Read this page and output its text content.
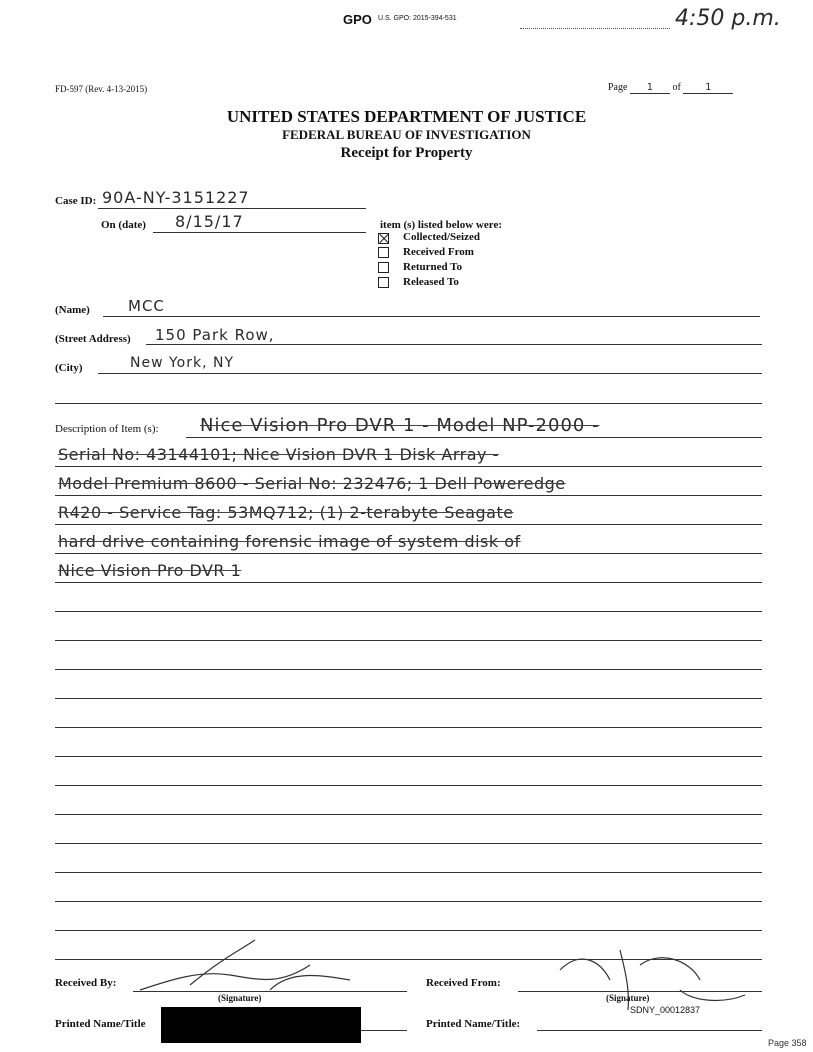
GPO U.S. GPO: 2015-394-531	4:50 p.m.
FD-597 (Rev. 4-13-2015)	Page 1 of 1
UNITED STATES DEPARTMENT OF JUSTICE
FEDERAL BUREAU OF INVESTIGATION
Receipt for Property
Case ID: 90A-NY-3151227
On (date) 8/15/17	item (s) listed below were:
Collected/Seized
Received From
Returned To
Released To
(Name)	MCC
(Street Address) 150 Park Row,
(City)	New York, NY
Description of Item (s): Nice Vision Pro DVR 1 - Model NP-2000 -
Serial No: 43144101; Nice Vision DVR 1 Disk Array -
Model Premium 8600 - Serial No: 232476; 1 Dell Poweredge
R420 - Service Tag: 53MQ712; (1) 2-terabyte Seagate
hard drive containing forensic image of system disk of
Nice Vision Pro DVR 1
Received By:
(Signature)
Received From:
(Signature)
Printed Name/Title	Printed Name/Title:
SDNY_00012837
Page 358
